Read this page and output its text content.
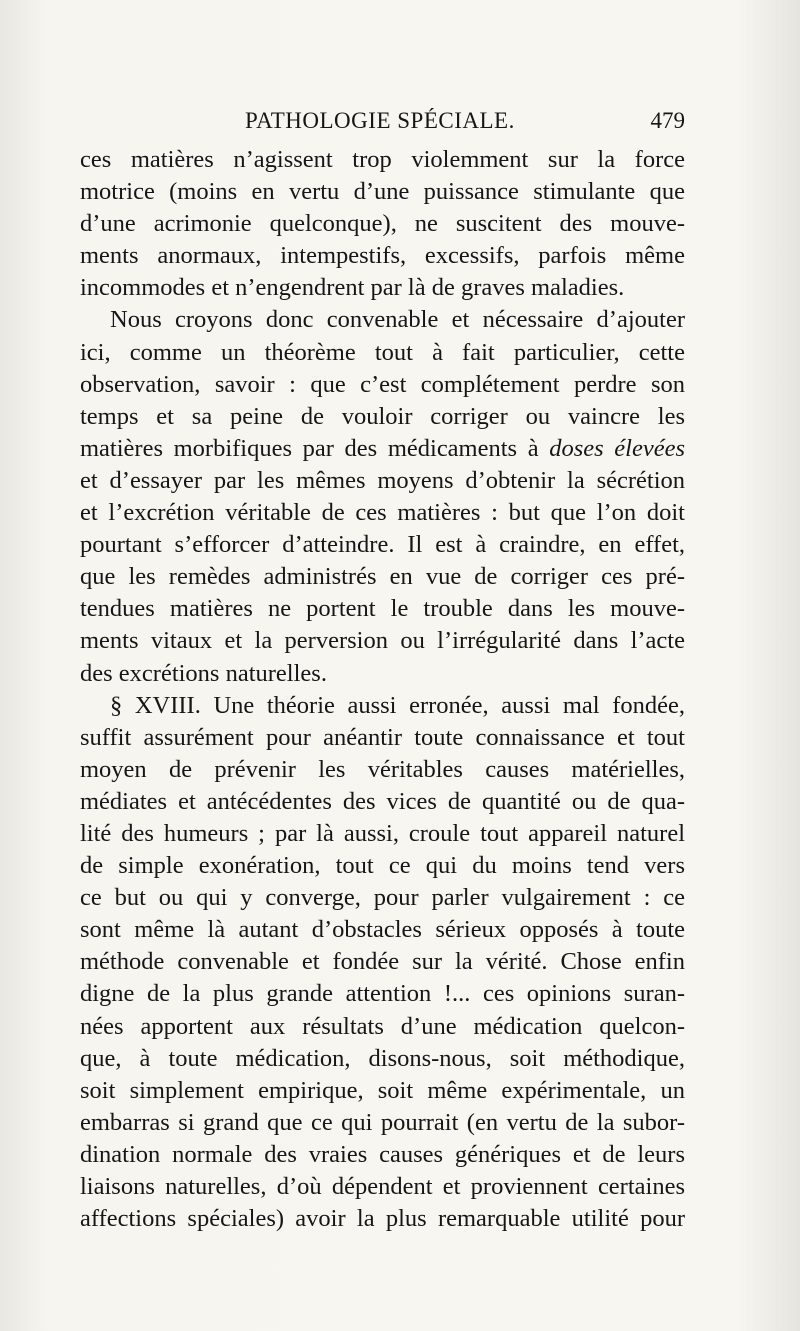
PATHOLOGIE SPÉCIALE.	479
ces matières n’agissent trop violemment sur la force
motrice (moins en vertu d’une puissance stimulante que
d’une acrimonie quelconque), ne suscitent des mouve-
ments anormaux, intempestifs, excessifs, parfois même
incommodes et n’engendrent par là de graves maladies.
Nous croyons donc convenable et nécessaire d’ajouter
ici, comme un théorème tout à fait particulier, cette
observation, savoir : que c’est complétement perdre son
temps et sa peine de vouloir corriger ou vaincre les
matières morbifiques par des médicaments à doses élevées
et d’essayer par les mêmes moyens d’obtenir la sécrétion
et l’excrétion véritable de ces matières : but que l’on doit
pourtant s’efforcer d’atteindre. Il est à craindre, en effet,
que les remèdes administrés en vue de corriger ces pré-
tendues matières ne portent le trouble dans les mouve-
ments vitaux et la perversion ou l’irrégularité dans l’acte
des excrétions naturelles.
§ XVIII. Une théorie aussi erronée, aussi mal fondée,
suffit assurément pour anéantir toute connaissance et tout
moyen de prévenir les véritables causes matérielles,
médiates et antécédentes des vices de quantité ou de qua-
lité des humeurs ; par là aussi, croule tout appareil naturel
de simple exonération, tout ce qui du moins tend vers
ce but ou qui y converge, pour parler vulgairement : ce
sont même là autant d’obstacles sérieux opposés à toute
méthode convenable et fondée sur la vérité. Chose enfin
digne de la plus grande attention !... ces opinions suran-
nées apportent aux résultats d’une médication quelcon-
que, à toute médication, disons-nous, soit méthodique,
soit simplement empirique, soit même expérimentale, un
embarras si grand que ce qui pourrait (en vertu de la subor-
dination normale des vraies causes génériques et de leurs
liaisons naturelles, d’où dépendent et proviennent certaines
affections spéciales) avoir la plus remarquable utilité pour
